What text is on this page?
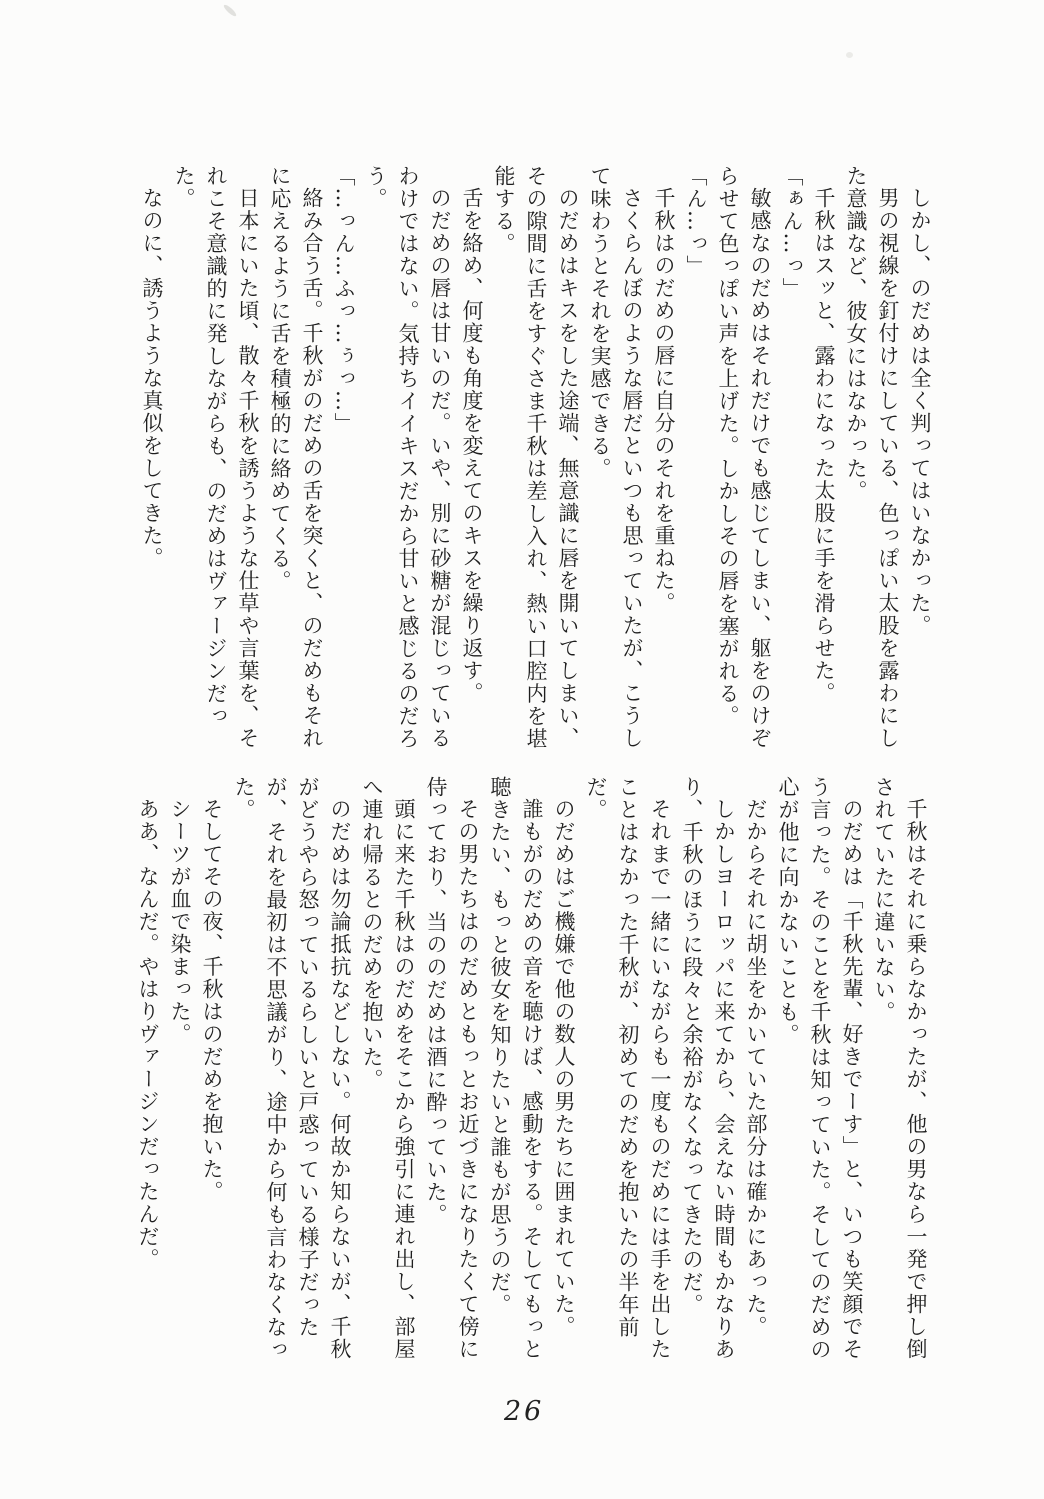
しかし、のだめは全く判ってはいなかった。

男の視線を釘付けにしている、色っぽい太股を露わにした意識など、彼女にはなかった。

千秋はスッと、露わになった太股に手を滑らせた。

「ぁん…っ」

敏感なのだめはそれだけでも感じてしまい、躯をのけぞらせて色っぽい声を上げた。しかしその唇を塞がれる。

「ん…っ」

千秋はのだめの唇に自分のそれを重ねた。

さくらんぼのような唇だといつも思っていたが、こうして味わうとそれを実感できる。

のだめはキスをした途端、無意識に唇を開いてしまい、その隙間に舌をすぐさま千秋は差し入れ、熱い口腔内を堪能する。

舌を絡め、何度も角度を変えてのキスを繰り返す。

のだめの唇は甘いのだ。いや、別に砂糖が混じっているわけではない。気持ちイイキスだから甘いと感じるのだろう。

「…っん…ふっ…ぅっ…」

絡み合う舌。千秋がのだめの舌を突くと、のだめもそれに応えるように舌を積極的に絡めてくる。

日本にいた頃、散々千秋を誘うような仕草や言葉を、それこそ意識的に発しながらも、のだめはヴァージンだった。

なのに、誘うような真似をしてきた。

千秋はそれに乗らなかったが、他の男なら一発で押し倒されていたに違いない。

のだめは「千秋先輩、好きでーす」と、いつも笑顔でそう言った。そのことを千秋は知っていた。そしてのだめの心が他に向かないことも。

だからそれに胡坐をかいていた部分は確かにあった。

しかしヨーロッパに来てから、会えない時間もかなりあり、千秋のほうに段々と余裕がなくなってきたのだ。

それまで一緒にいながらも一度ものだめには手を出したことはなかった千秋が、初めてのだめを抱いたの半年前だ。

のだめはご機嫌で他の数人の男たちに囲まれていた。

誰もがのだめの音を聴けば、感動をする。そしてもっと聴きたい、もっと彼女を知りたいと誰もが思うのだ。

その男たちはのだめともっとお近づきになりたくて傍に侍っており、当ののだめは酒に酔っていた。

頭に来た千秋はのだめをそこから強引に連れ出し、部屋へ連れ帰るとのだめを抱いた。

のだめは勿論抵抗などしない。何故か知らないが、千秋がどうやら怒っているらしいと戸惑っている様子だったが、それを最初は不思議がり、途中から何も言わなくなった。

そしてその夜、千秋はのだめを抱いた。

シーツが血で染まった。

ああ、なんだ。やはりヴァージンだったんだ。

26
